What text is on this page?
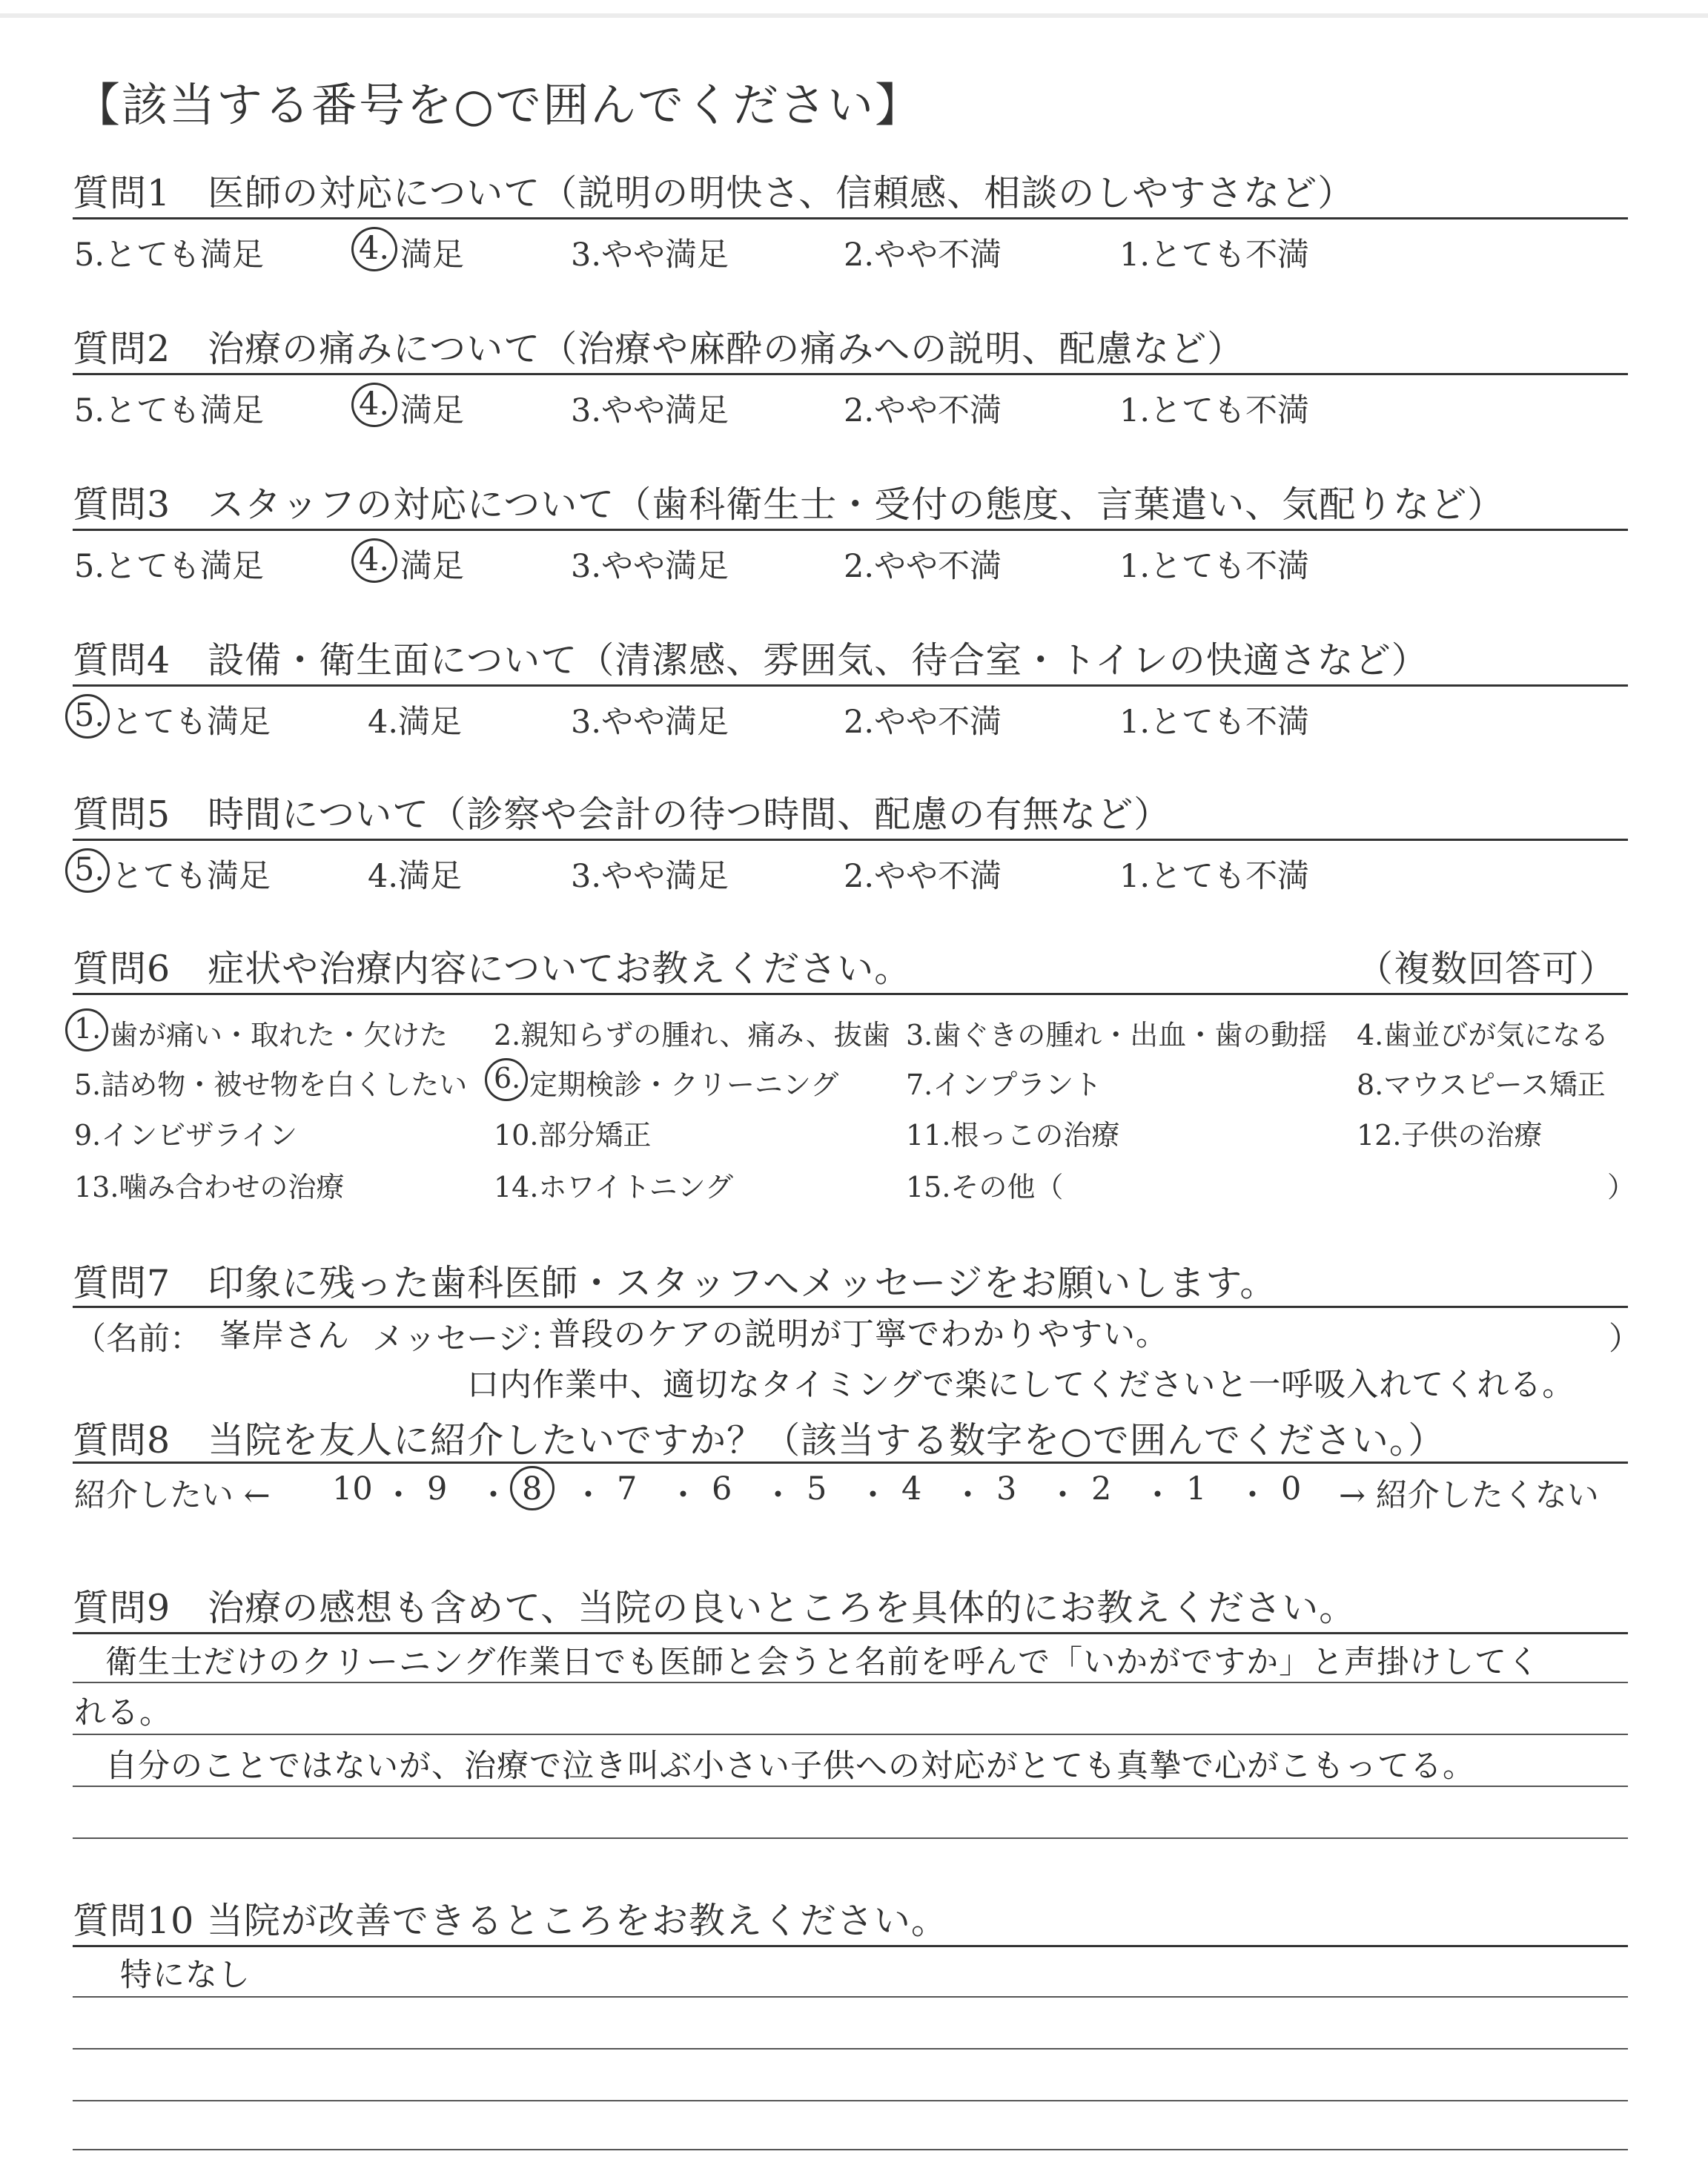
【該当する番号を○で囲んでください】
質問1　医師の対応について（説明の明快さ、信頼感、相談のしやすさなど）
5.とても満足	4. 満足	3.やや満足	2.やや不満	1.とても不満
質問2　治療の痛みについて（治療や麻酔の痛みへの説明、配慮など）
5.とても満足	4. 満足	3.やや満足	2.やや不満	1.とても不満
質問3　スタッフの対応について（歯科衛生士・受付の態度、言葉遣い、気配りなど）
5.とても満足	4. 満足	3.やや満足	2.やや不満	1.とても不満
質問4　設備・衛生面について（清潔感、雰囲気、待合室・トイレの快適さなど）
5. とても満足	4.満足	3.やや満足	2.やや不満	1.とても不満
質問5　時間について（診察や会計の待つ時間、配慮の有無など）
5. とても満足	4.満足	3.やや満足	2.やや不満	1.とても不満
質問6　症状や治療内容についてお教えください。	（複数回答可）
1. 歯が痛い・取れた・欠けた 2.親知らずの腫れ、痛み、抜歯 3.歯ぐきの腫れ・出血・歯の動揺 4.歯並びが気になる
5.詰め物・被せ物を白くしたい 6. 定期検診・クリーニング 7.インプラント	8.マウスピース矯正
9.インビザライン	10.部分矯正	11.根っこの治療	12.子供の治療
13.噛み合わせの治療	14.ホワイトニング	15.その他（	）
質問7　印象に残った歯科医師・スタッフへメッセージをお願いします。
（名前： 峯岸さん メッセージ：
普段のケアの説明が丁寧でわかりやすい。	）
口内作業中、適切なタイミングで楽にしてくださいと一呼吸入れてくれる。
質問8　当院を友人に紹介したいですか？（該当する数字を○で囲んでください。）
紹介したい ←	→ 紹介したくない
10 ・ 9 ・ 8 ・ 7 ・ 6 ・ 5 ・ 4 ・ 3 ・ 2 ・ 1 ・ 0
質問9　治療の感想も含めて、当院の良いところを具体的にお教えください。
衛生士だけのクリーニング作業日でも医師と会うと名前を呼んで「いかがですか」と声掛けしてく
れる。
自分のことではないが、治療で泣き叫ぶ小さい子供への対応がとても真摯で心がこもってる。
質問10 当院が改善できるところをお教えください。
特になし
